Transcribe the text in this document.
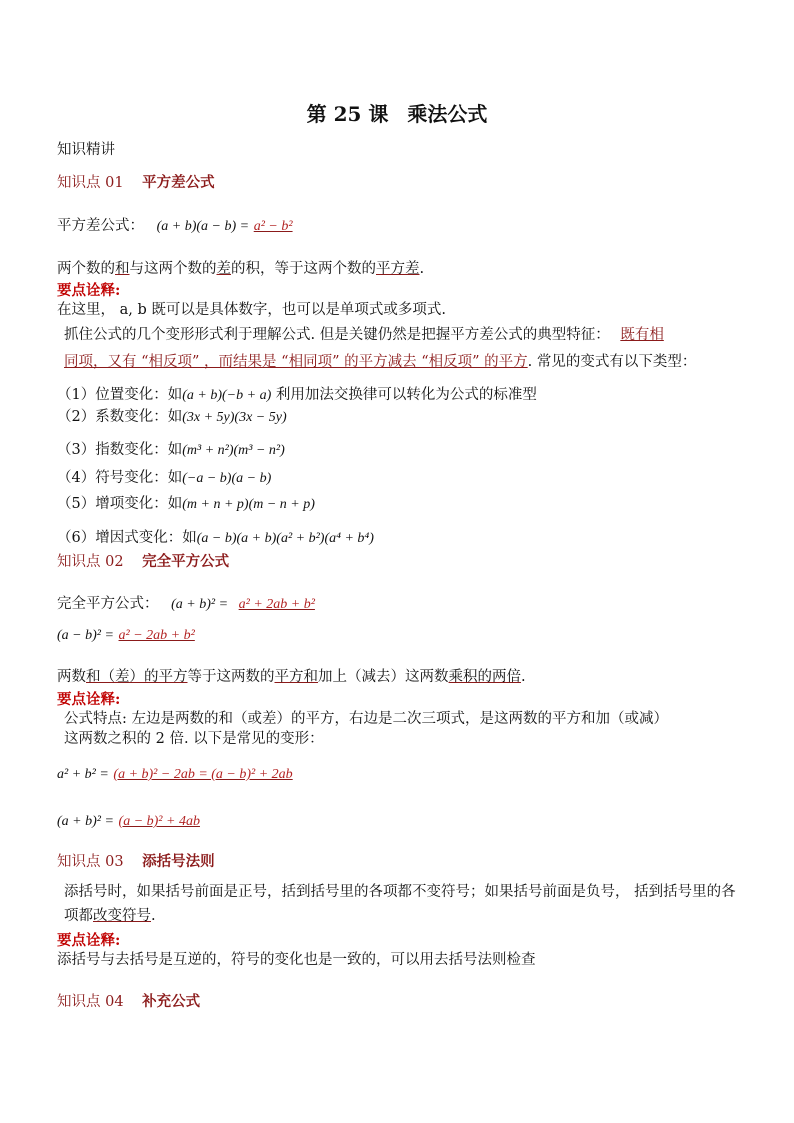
第 25 课 乘法公式
知识精讲
知识点 01 平方差公式
平方差公式： (a + b)(a − b) = a² − b²
两个数的和与这两个数的差的积，等于这两个数的平方差.
要点诠释:
在这里， a, b 既可以是具体数字，也可以是单项式或多项式.
抓住公式的几个变形形式利于理解公式. 但是关键仍然是把握平方差公式的典型特征： 既有相
同项，又有 “相反项” ，而结果是 “相同项” 的平方减去 “相反项” 的平方. 常见的变式有以下类型：
（1）位置变化：如(a + b)(−b + a) 利用加法交换律可以转化为公式的标准型
（2）系数变化：如(3x + 5y)(3x − 5y)
（3）指数变化：如(m³ + n²)(m³ − n²)
（4）符号变化：如(−a − b)(a − b)
（5）增项变化：如(m + n + p)(m − n + p)
（6）增因式变化：如(a − b)(a + b)(a² + b²)(a⁴ + b⁴)
知识点 02 完全平方公式
完全平方公式： (a + b)² = a² + 2ab + b²
(a − b)² = a² − 2ab + b²
两数和（差）的平方等于这两数的平方和加上（减去）这两数乘积的两倍.
要点诠释:
公式特点: 左边是两数的和（或差）的平方，右边是二次三项式，是这两数的平方和加（或减）
这两数之积的 2 倍. 以下是常见的变形：
a² + b² = (a + b)² − 2ab = (a − b)² + 2ab
(a + b)² = (a − b)² + 4ab
知识点 03 添括号法则
添括号时，如果括号前面是正号，括到括号里的各项都不变符号；如果括号前面是负号， 括到括号里的各
项都改变符号.
要点诠释:
添括号与去括号是互逆的，符号的变化也是一致的，可以用去括号法则检查
知识点 04 补充公式
